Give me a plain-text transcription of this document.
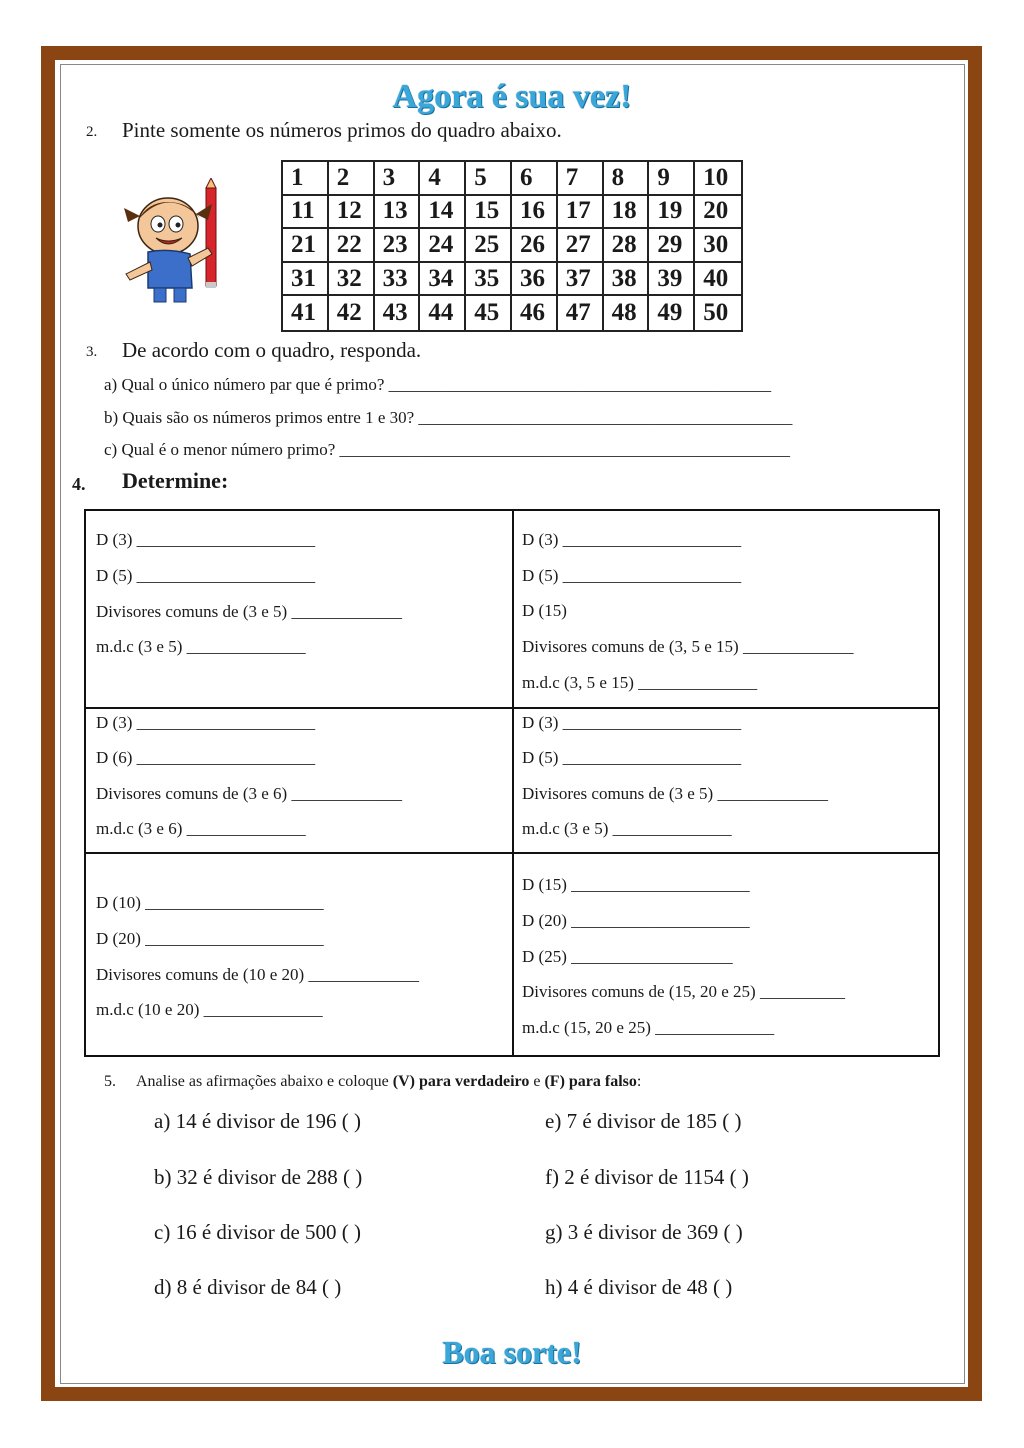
Agora é sua vez!
2. Pinte somente os números primos do quadro abaixo.
1	2	3	4	5	6	7	8	9	10
11 12 13 14 15 16 17 18 19 20
21 22 23 24 25 26 27 28 29 30
31 32 33 34 35 36 37 38 39 40
41 42 43 44 45 46 47 48 49 50
3. De acordo com o quadro, responda.
a) Qual o único número par que é primo? _____________________________________________
b) Quais são os números primos entre 1 e 30? ____________________________________________
c) Qual é o menor número primo? _____________________________________________________
4. Determine:
D (3) _____________________
D (5) _____________________
Divisores comuns de (3 e 5) _____________
m.d.c (3 e 5) ______________
D (3) _____________________
D (5) _____________________
D (15)
Divisores comuns de (3, 5 e 15) _____________
m.d.c (3, 5 e 15) ______________
D (3) _____________________
D (6) _____________________
Divisores comuns de (3 e 6) _____________
m.d.c (3 e 6) ______________
D (3) _____________________
D (5) _____________________
Divisores comuns de (3 e 5) _____________
m.d.c (3 e 5) ______________
D (10) _____________________
D (20) _____________________
Divisores comuns de (10 e 20) _____________
m.d.c (10 e 20) ______________
D (15) _____________________
D (20) _____________________
D (25) ___________________
Divisores comuns de (15, 20 e 25) __________
m.d.c (15, 20 e 25) ______________
5. Analise as afirmações abaixo e coloque (V) para verdadeiro e (F) para falso:
a) 14 é divisor de 196 ( )
b) 32 é divisor de 288 ( )
c) 16 é divisor de 500 ( )
d) 8 é divisor de 84 ( )
e) 7 é divisor de 185 ( )
f) 2 é divisor de 1154 ( )
g) 3 é divisor de 369 ( )
h) 4 é divisor de 48 ( )
Boa sorte!
